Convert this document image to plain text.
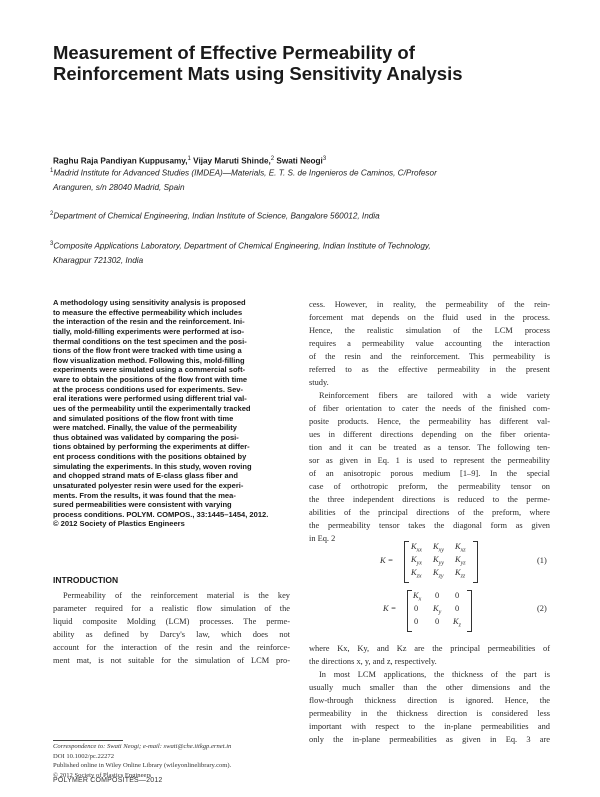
Measurement of Effective Permeability of
Reinforcement Mats using Sensitivity Analysis
Raghu Raja Pandiyan Kuppusamy,$^1$ Vijay Maruti Shinde,$^2$ Swati Neogi$^3$
$^1$Madrid Institute for Advanced Studies (IMDEA)—Materials, E. T. S. de Ingenieros de Caminos, C/Profesor
Aranguren, s/n 28040 Madrid, Spain
$^2$Department of Chemical Engineering, Indian Institute of Science, Bangalore 560012, India
$^3$Composite Applications Laboratory, Department of Chemical Engineering, Indian Institute of Technology,
Kharagpur 721302, India
A methodology using sensitivity analysis is proposed
to measure the effective permeability which includes
the interaction of the resin and the reinforcement. Ini-
tially, mold-filling experiments were performed at iso-
thermal conditions on the test specimen and the posi-
tions of the flow front were tracked with time using a
flow visualization method. Following this, mold-filling
experiments were simulated using a commercial soft-
ware to obtain the positions of the flow front with time
at the process conditions used for experiments. Sev-
eral iterations were performed using different trial val-
ues of the permeability until the experimentally tracked
and simulated positions of the flow front with time
were matched. Finally, the value of the permeability
thus obtained was validated by comparing the posi-
tions obtained by performing the experiments at differ-
ent process conditions with the positions obtained by
simulating the experiments. In this study, woven roving
and chopped strand mats of E-class glass fiber and
unsaturated polyester resin were used for the experi-
ments. From the results, it was found that the mea-
sured permeabilities were consistent with varying
process conditions. POLYM. COMPOS., 33:1445–1454, 2012.
© 2012 Society of Plastics Engineers
INTRODUCTION
Permeability of the reinforcement material is the key
parameter required for a realistic flow simulation of the
liquid composite Molding (LCM) processes. The perme-
ability as defined by Darcy's law, which does not
account for the interaction of the resin and the reinforce-
ment mat, is not suitable for the simulation of LCM pro-
Correspondence to: Swati Neogi; e-mail: swati@che.iitkgp.ernet.in
DOI 10.1002/pc.22272
Published online in Wiley Online Library (wileyonlinelibrary.com).
© 2012 Society of Plastics Engineers
cess. However, in reality, the permeability of the rein-
forcement mat depends on the fluid used in the process.
Hence, the realistic simulation of the LCM process
requires a permeability value accounting the interaction
of the resin and the reinforcement. This permeability is
referred to as the effective permeability in the present
study.
Reinforcement fibers are tailored with a wide variety
of fiber orientation to cater the needs of the finished com-
posite products. Hence, the permeability has different val-
ues in different directions depending on the fiber orienta-
tion and it can be treated as a tensor. The following ten-
sor as given in Eq. 1 is used to represent the permeability
of an anisotropic porous medium [1–9]. In the special
case of orthotropic preform, the permeability tensor on
the three independent directions is reduced to the perme-
abilities of the principal directions of the preform, where
the permeability tensor takes the diagonal form as given
in Eq. 2
K =
$K_{xx}$ $K_{xy}$ $K_{xz}$
$K_{yx}$ $K_{yy}$ $K_{yz}$
$K_{zx}$ $K_{zy}$ $K_{zz}$
(1)
K =
$K_x$ 0 0
0 $K_y$ 0
0 0 $K_z$
(2)
where Kx, Ky, and Kz are the principal permeabilities of
the directions x, y, and z, respectively.
In most LCM applications, the thickness of the part is
usually much smaller than the other dimensions and the
flow-through thickness direction is ignored. Hence, the
permeability in the thickness direction is considered less
important with respect to the in-plane permeabilities and
only the in-plane permeabilities as given in Eq. 3 are
POLYMER COMPOSITES—2012
